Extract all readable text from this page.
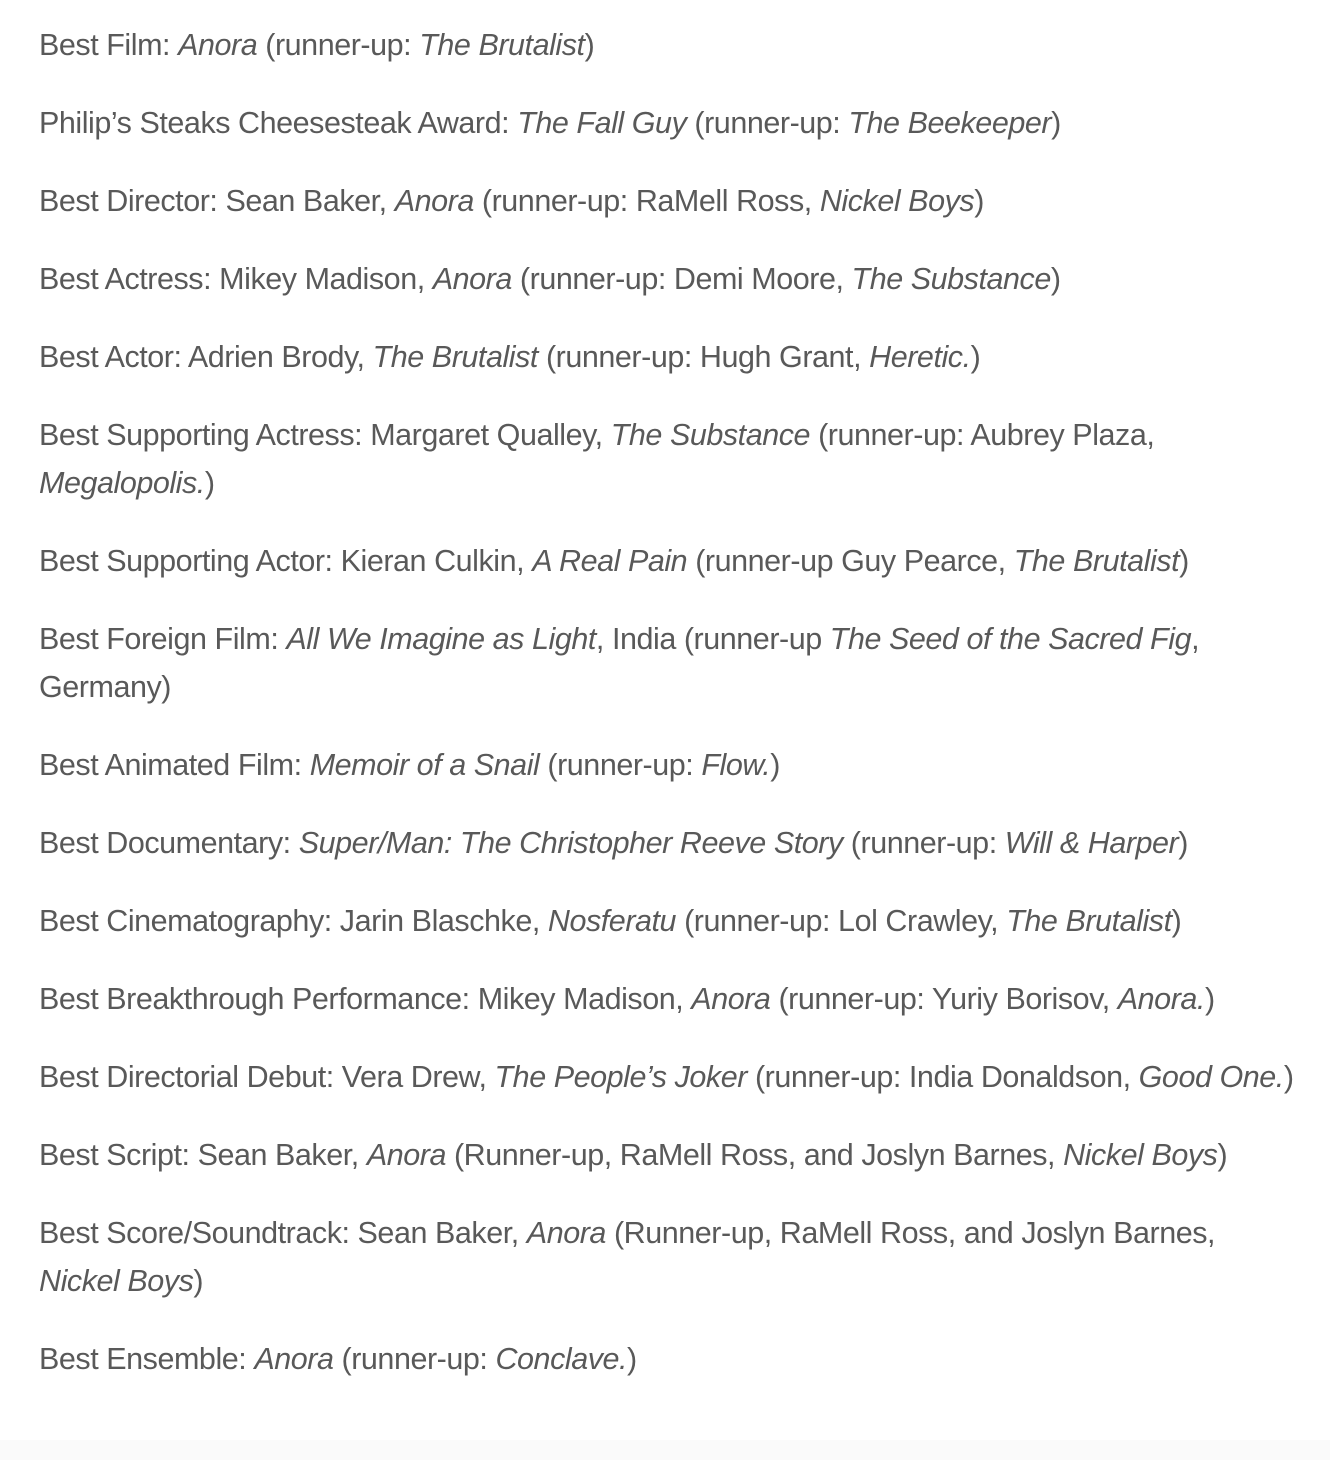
Best Film: Anora (runner-up: The Brutalist)

Philip’s Steaks Cheesesteak Award: The Fall Guy (runner-up: The Beekeeper)

Best Director: Sean Baker, Anora (runner-up: RaMell Ross, Nickel Boys)

Best Actress: Mikey Madison, Anora (runner-up: Demi Moore, The Substance)

Best Actor: Adrien Brody, The Brutalist (runner-up: Hugh Grant, Heretic.)

Best Supporting Actress: Margaret Qualley, The Substance (runner-up: Aubrey Plaza, Megalopolis.)

Best Supporting Actor: Kieran Culkin, A Real Pain (runner-up Guy Pearce, The Brutalist)

Best Foreign Film: All We Imagine as Light, India (runner-up The Seed of the Sacred Fig, Germany)

Best Animated Film: Memoir of a Snail (runner-up: Flow.)

Best Documentary: Super/Man: The Christopher Reeve Story (runner-up: Will & Harper)

Best Cinematography: Jarin Blaschke, Nosferatu (runner-up: Lol Crawley, The Brutalist)

Best Breakthrough Performance: Mikey Madison, Anora (runner-up: Yuriy Borisov, Anora.)

Best Directorial Debut: Vera Drew, The People’s Joker (runner-up: India Donaldson, Good One.)

Best Script: Sean Baker, Anora (Runner-up, RaMell Ross, and Joslyn Barnes, Nickel Boys)

Best Score/Soundtrack: Sean Baker, Anora (Runner-up, RaMell Ross, and Joslyn Barnes, Nickel Boys)

Best Ensemble: Anora (runner-up: Conclave.)
